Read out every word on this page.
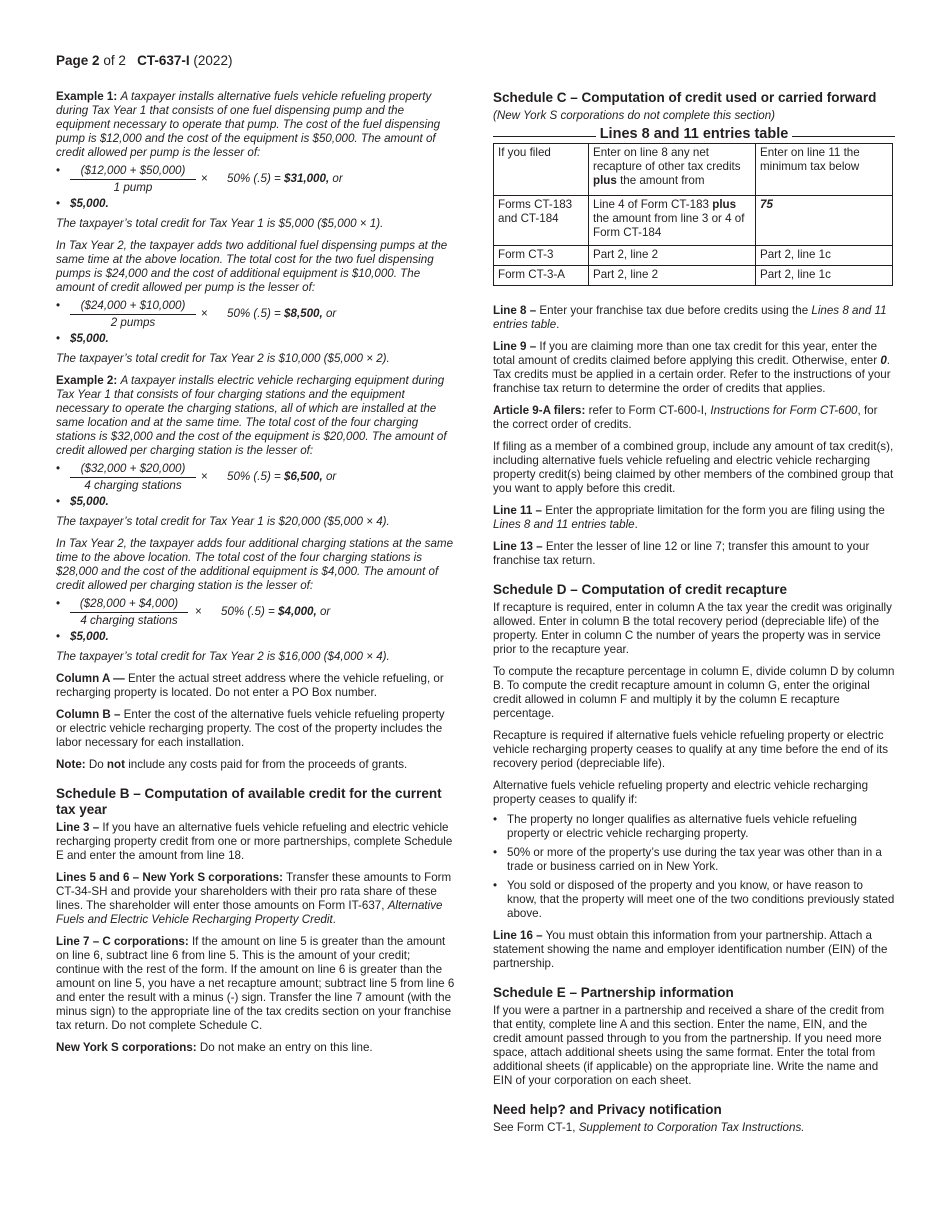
Page 2 of 2 CT-637-I (2022)

Example 1: A taxpayer installs alternative fuels vehicle refueling property during Tax Year 1 that consists of one fuel dispensing pump and the equipment necessary to operate that pump. The cost of the fuel dispensing pump is $12,000 and the cost of the equipment is $50,000. The amount of credit allowed per pump is the lesser of:

•	($12,000 + $50,000)
1 pump
× 50% (.5) = $31,000, or
• $5,000.

The taxpayer’s total credit for Tax Year 1 is $5,000 ($5,000 × 1).

In Tax Year 2, the taxpayer adds two additional fuel dispensing pumps at the same time at the above location. The total cost for the two fuel dispensing pumps is $24,000 and the cost of additional equipment is $10,000. The amount of credit allowed per pump is the lesser of:

•	($24,000 + $10,000)
2 pumps
× 50% (.5) = $8,500, or
• $5,000.

The taxpayer’s total credit for Tax Year 2 is $10,000 ($5,000 × 2).

Example 2: A taxpayer installs electric vehicle recharging equipment during Tax Year 1 that consists of four charging stations and the equipment necessary to operate the charging stations, all of which are installed at the same location and at the same time. The total cost of the four charging stations is $32,000 and the cost of the equipment is $20,000. The amount of credit allowed per charging station is the lesser of:

•	($32,000 + $20,000)
4 charging stations
× 50% (.5) = $6,500, or
• $5,000.

The taxpayer’s total credit for Tax Year 1 is $20,000 ($5,000 × 4).

In Tax Year 2, the taxpayer adds four additional charging stations at the same time to the above location. The total cost of the four charging stations is $28,000 and the cost of the additional equipment is $4,000. The amount of credit allowed per charging station is the lesser of:

•	($28,000 + $4,000)
4 charging stations
× 50% (.5) = $4,000, or
• $5,000.

The taxpayer’s total credit for Tax Year 2 is $16,000 ($4,000 × 4).

Column A — Enter the actual street address where the vehicle refueling, or recharging property is located. Do not enter a PO Box number.

Column B – Enter the cost of the alternative fuels vehicle refueling property or electric vehicle recharging property. The cost of the property includes the labor necessary for each installation.

Note: Do not include any costs paid for from the proceeds of grants.

Schedule B – Computation of available credit for the current tax year

Line 3 – If you have an alternative fuels vehicle refueling and electric vehicle recharging property credit from one or more partnerships, complete Schedule E and enter the amount from line 18.

Lines 5 and 6 – New York S corporations: Transfer these amounts to Form CT-34-SH and provide your shareholders with their pro rata share of these lines. The shareholder will enter those amounts on Form IT-637, Alternative Fuels and Electric Vehicle Recharging Property Credit.

Line 7 – C corporations: If the amount on line 5 is greater than the amount on line 6, subtract line 6 from line 5. This is the amount of your credit; continue with the rest of the form. If the amount on line 6 is greater than the amount on line 5, you have a net recapture amount; subtract line 5 from line 6 and enter the result with a minus (-) sign. Transfer the line 7 amount (with the minus sign) to the appropriate line of the tax credits section on your franchise tax return. Do not complete Schedule C.

New York S corporations: Do not make an entry on this line.

Schedule C – Computation of credit used or carried forward

(New York S corporations do not complete this section)

Lines 8 and 11 entries table
If you filed	Enter on line 8 any net recapture of other tax credits plus the amount from	Enter on line 11 the minimum tax below
Forms CT-183 and CT-184	Line 4 of Form CT-183 plus the amount from line 3 or 4 of Form CT-184	75
Form CT-3	Part 2, line 2	Part 2, line 1c
Form CT-3-A	Part 2, line 2	Part 2, line 1c

Line 8 – Enter your franchise tax due before credits using the Lines 8 and 11 entries table.

Line 9 – If you are claiming more than one tax credit for this year, enter the total amount of credits claimed before applying this credit. Otherwise, enter 0. Tax credits must be applied in a certain order. Refer to the instructions of your franchise tax return to determine the order of credits that applies.

Article 9-A filers: refer to Form CT-600-I, Instructions for Form CT-600, for the correct order of credits.

If filing as a member of a combined group, include any amount of tax credit(s), including alternative fuels vehicle refueling and electric vehicle recharging property credit(s) being claimed by other members of the combined group that you want to apply before this credit.

Line 11 – Enter the appropriate limitation for the form you are filing using the Lines 8 and 11 entries table.

Line 13 – Enter the lesser of line 12 or line 7; transfer this amount to your franchise tax return.

Schedule D – Computation of credit recapture

If recapture is required, enter in column A the tax year the credit was originally allowed. Enter in column B the total recovery period (depreciable life) of the property. Enter in column C the number of years the property was in service prior to the recapture year.

To compute the recapture percentage in column E, divide column D by column B. To compute the credit recapture amount in column G, enter the original credit allowed in column F and multiply it by the column E recapture percentage.

Recapture is required if alternative fuels vehicle refueling property or electric vehicle recharging property ceases to qualify at any time before the end of its recovery period (depreciable life).

Alternative fuels vehicle refueling property and electric vehicle recharging property ceases to qualify if:

• The property no longer qualifies as alternative fuels vehicle refueling property or electric vehicle recharging property.
• 50% or more of the property’s use during the tax year was other than in a trade or business carried on in New York.
• You sold or disposed of the property and you know, or have reason to know, that the property will meet one of the two conditions previously stated above.

Line 16 – You must obtain this information from your partnership. Attach a statement showing the name and employer identification number (EIN) of the partnership.

Schedule E – Partnership information

If you were a partner in a partnership and received a share of the credit from that entity, complete line A and this section. Enter the name, EIN, and the credit amount passed through to you from the partnership. If you need more space, attach additional sheets using the same format. Enter the total from additional sheets (if applicable) on the appropriate line. Write the name and EIN of your corporation on each sheet.

Need help? and Privacy notification

See Form CT-1, Supplement to Corporation Tax Instructions.
